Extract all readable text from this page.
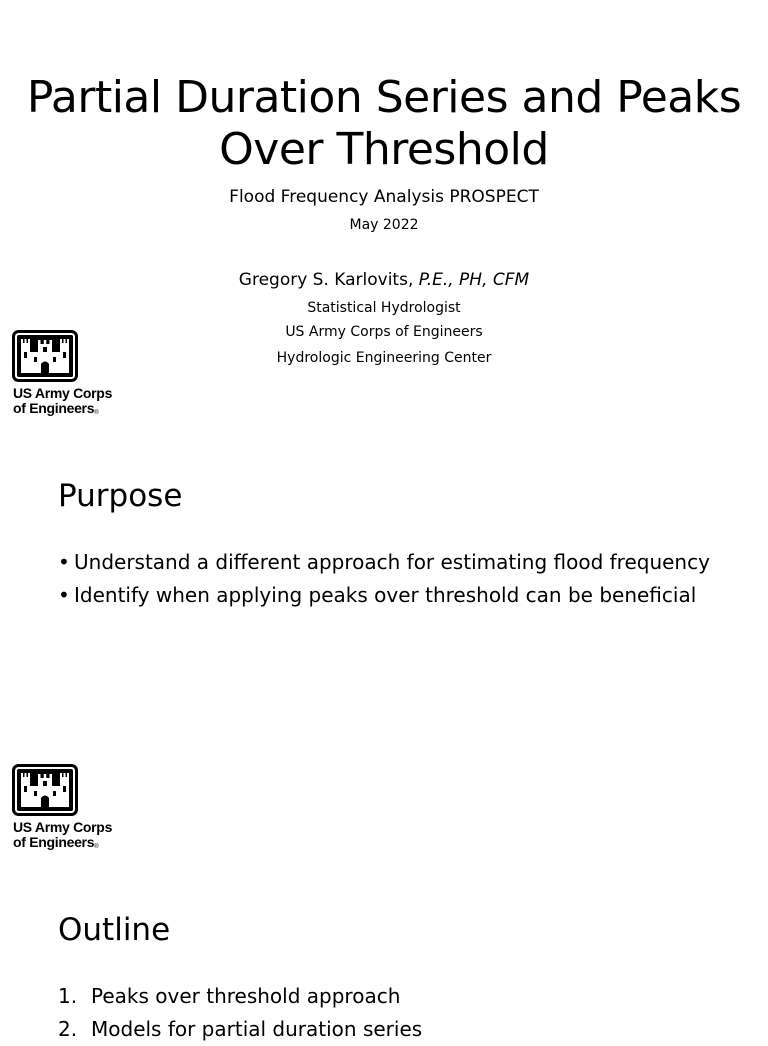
Partial Duration Series and Peaks Over Threshold
Flood Frequency Analysis PROSPECT
May 2022
Gregory S. Karlovits, P.E., PH, CFM
Statistical Hydrologist
US Army Corps of Engineers
Hydrologic Engineering Center
US Army Corps
of Engineers®
Purpose
• Understand a different approach for estimating flood frequency
• Identify when applying peaks over threshold can be beneficial
US Army Corps
of Engineers®
Outline
1. Peaks over threshold approach
2. Models for partial duration series
